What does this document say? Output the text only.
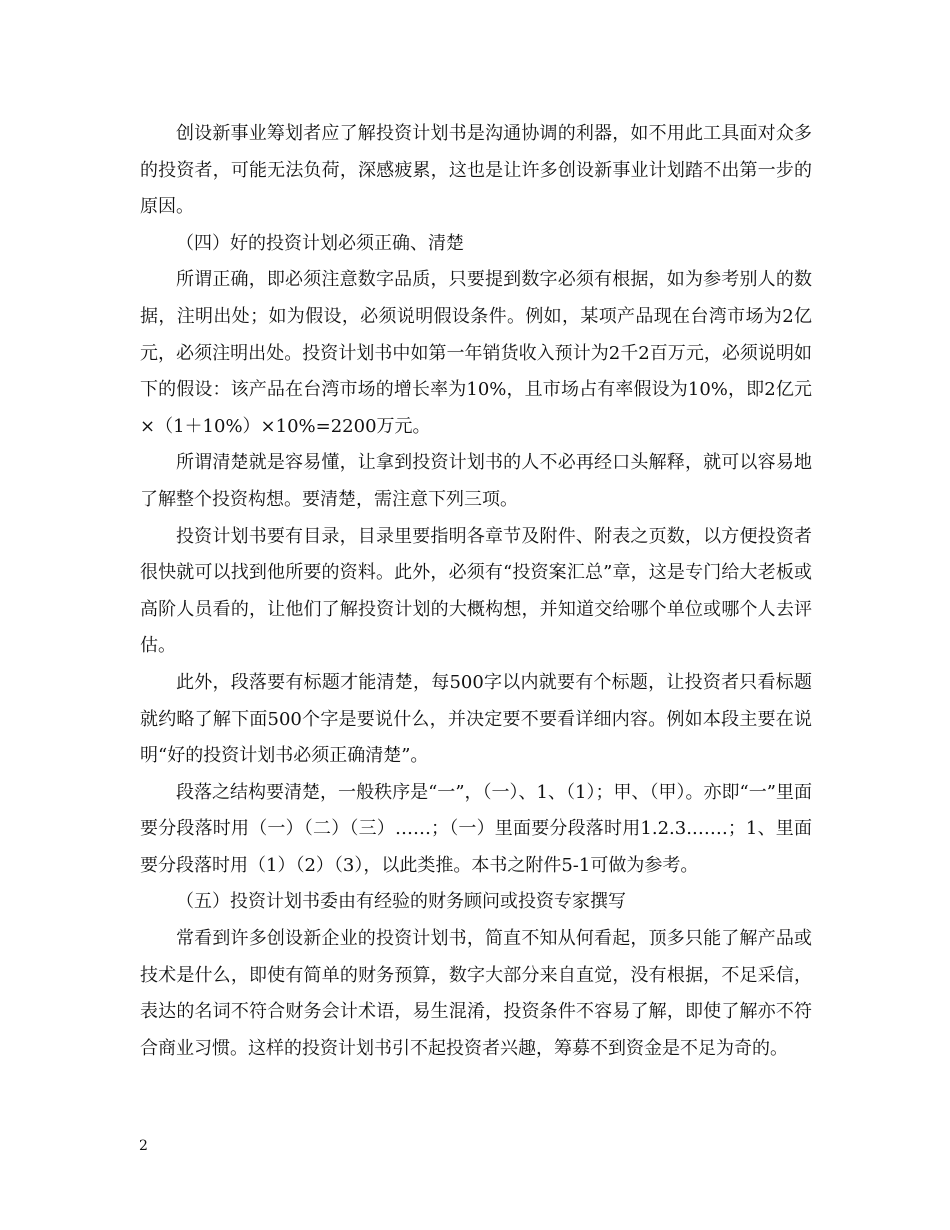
创设新事业筹划者应了解投资计划书是沟通协调的利器，如不用此工具面对众多的投资者，可能无法负荷，深感疲累，这也是让许多创设新事业计划踏不出第一步的原因。

（四）好的投资计划必须正确、清楚

所谓正确，即必须注意数字品质，只要提到数字必须有根据，如为参考别人的数据，注明出处；如为假设，必须说明假设条件。例如，某项产品现在台湾市场为2亿元，必须注明出处。投资计划书中如第一年销货收入预计为2千2百万元，必须说明如下的假设：该产品在台湾市场的增长率为10%，且市场占有率假设为10%，即2亿元×（1＋10%）×10%=2200万元。

所谓清楚就是容易懂，让拿到投资计划书的人不必再经口头解释，就可以容易地了解整个投资构想。要清楚，需注意下列三项。

投资计划书要有目录，目录里要指明各章节及附件、附表之页数，以方便投资者很快就可以找到他所要的资料。此外，必须有“投资案汇总”章，这是专门给大老板或高阶人员看的，让他们了解投资计划的大概构想，并知道交给哪个单位或哪个人去评估。

此外，段落要有标题才能清楚，每500字以内就要有个标题，让投资者只看标题就约略了解下面500个字是要说什么，并决定要不要看详细内容。例如本段主要在说明“好的投资计划书必须正确清楚”。

段落之结构要清楚，一般秩序是“一”，（一）、1、（1）；甲、（甲）。亦即“一”里面要分段落时用（一）（二）（三）……；（一）里面要分段落时用1.2.3.……；1、里面要分段落时用（1）（2）（3），以此类推。本书之附件5-1可做为参考。

（五）投资计划书委由有经验的财务顾问或投资专家撰写

常看到许多创设新企业的投资计划书，简直不知从何看起，顶多只能了解产品或技术是什么，即使有简单的财务预算，数字大部分来自直觉，没有根据，不足采信，表达的名词不符合财务会计术语，易生混淆，投资条件不容易了解，即使了解亦不符合商业习惯。这样的投资计划书引不起投资者兴趣，筹募不到资金是不足为奇的。

2
